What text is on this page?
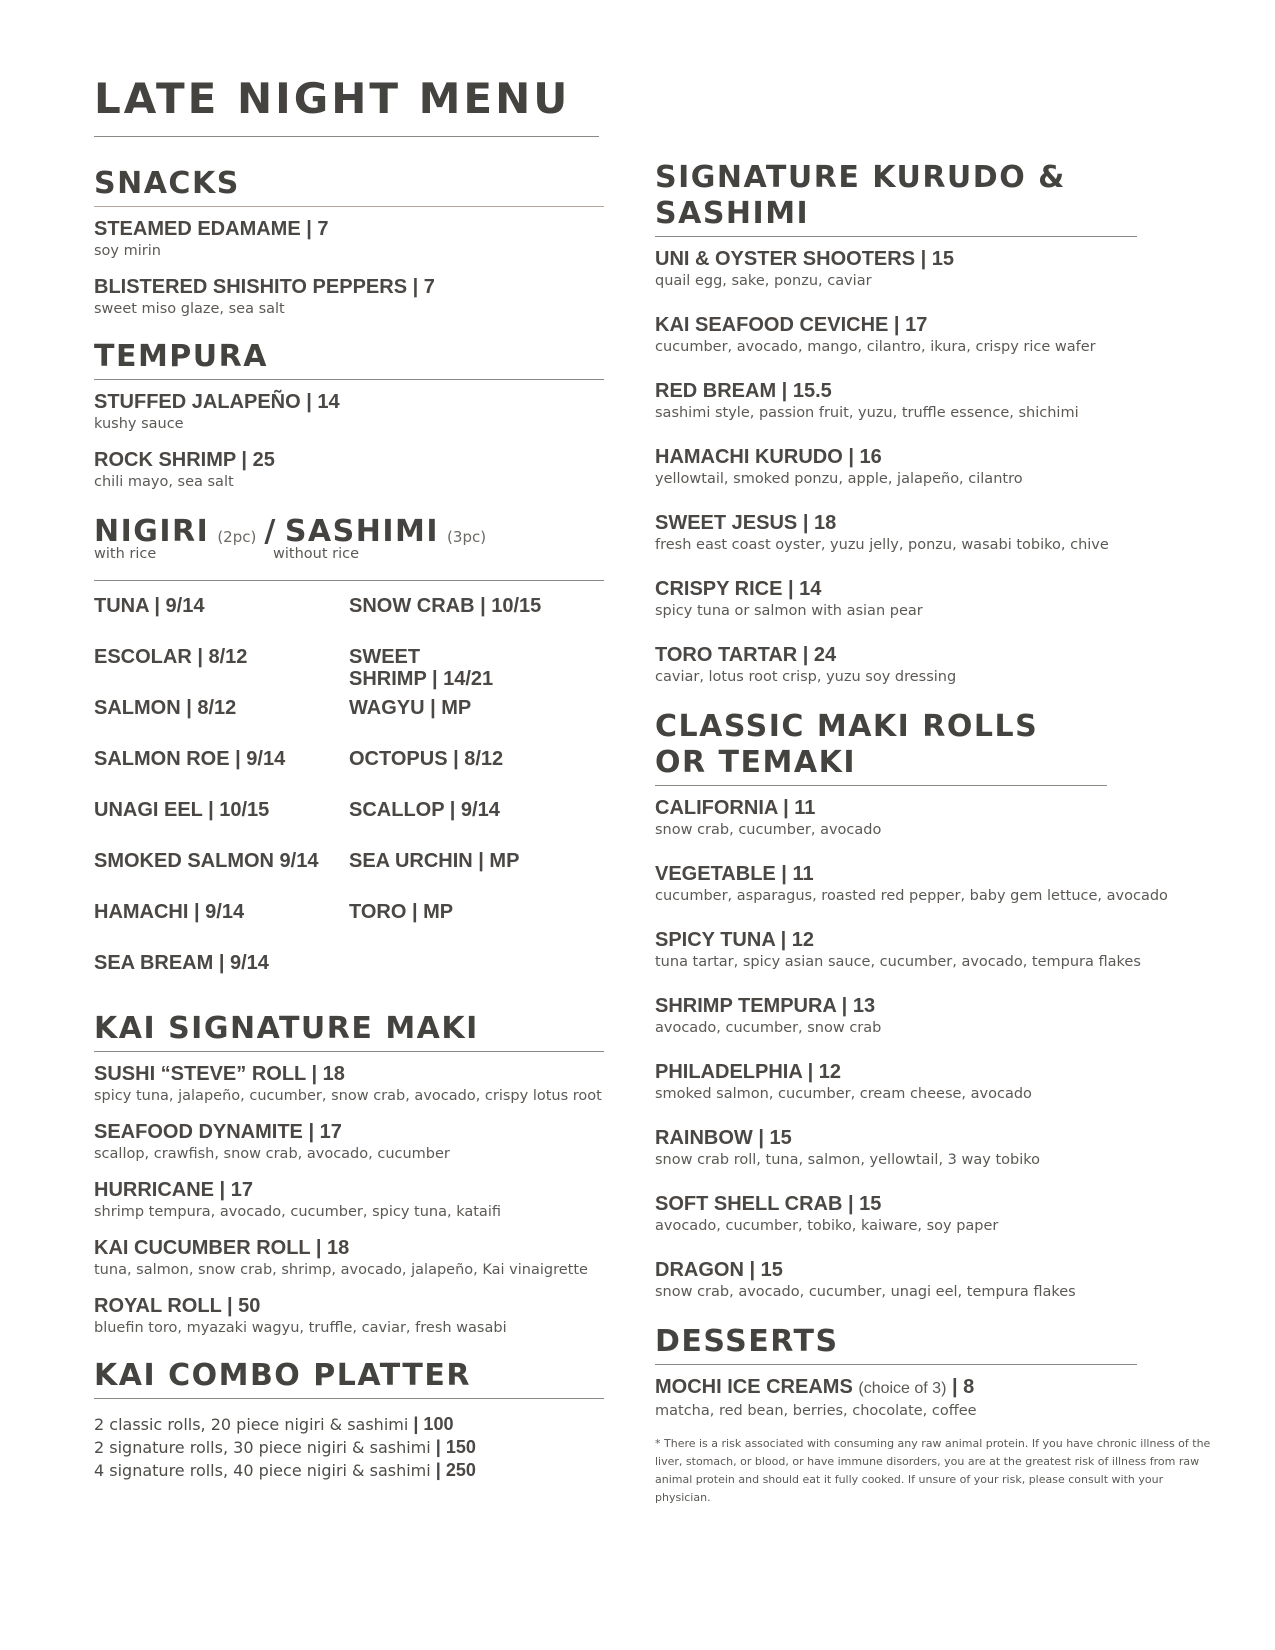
LATE NIGHT MENU
SNACKS
STEAMED EDAMAME | 7
soy mirin
BLISTERED SHISHITO PEPPERS | 7
sweet miso glaze, sea salt
TEMPURA
STUFFED JALAPEÑO | 14
kushy sauce
ROCK SHRIMP | 25
chili mayo, sea salt
NIGIRI (2pc) / SASHIMI (3pc)
with rice	without rice
TUNA | 9/14
ESCOLAR | 8/12
SALMON | 8/12
SALMON ROE | 9/14
UNAGI EEL | 10/15
SMOKED SALMON 9/14
HAMACHI | 9/14
SEA BREAM | 9/14
SNOW CRAB | 10/15
SWEET
SHRIMP | 14/21
WAGYU | MP
OCTOPUS | 8/12
SCALLOP | 9/14
SEA URCHIN | MP
TORO | MP
KAI SIGNATURE MAKI
SUSHI “STEVE” ROLL | 18
spicy tuna, jalapeño, cucumber, snow crab, avocado, crispy lotus root
SEAFOOD DYNAMITE | 17
scallop, crawfish, snow crab, avocado, cucumber
HURRICANE | 17
shrimp tempura, avocado, cucumber, spicy tuna, kataifi
KAI CUCUMBER ROLL | 18
tuna, salmon, snow crab, shrimp, avocado, jalapeño, Kai vinaigrette
ROYAL ROLL | 50
bluefin toro, myazaki wagyu, truffle, caviar, fresh wasabi
KAI COMBO PLATTER
2 classic rolls, 20 piece nigiri & sashimi | 100
2 signature rolls, 30 piece nigiri & sashimi | 150
4 signature rolls, 40 piece nigiri & sashimi | 250
SIGNATURE KURUDO & SASHIMI
UNI & OYSTER SHOOTERS | 15
quail egg, sake, ponzu, caviar
KAI SEAFOOD CEVICHE | 17
cucumber, avocado, mango, cilantro, ikura, crispy rice wafer
RED BREAM | 15.5
sashimi style, passion fruit, yuzu, truffle essence, shichimi
HAMACHI KURUDO | 16
yellowtail, smoked ponzu, apple, jalapeño, cilantro
SWEET JESUS | 18
fresh east coast oyster, yuzu jelly, ponzu, wasabi tobiko, chive
CRISPY RICE | 14
spicy tuna or salmon with asian pear
TORO TARTAR | 24
caviar, lotus root crisp, yuzu soy dressing
CLASSIC MAKI ROLLS
OR TEMAKI
CALIFORNIA | 11
snow crab, cucumber, avocado
VEGETABLE | 11
cucumber, asparagus, roasted red pepper, baby gem lettuce, avocado
SPICY TUNA | 12
tuna tartar, spicy asian sauce, cucumber, avocado, tempura flakes
SHRIMP TEMPURA | 13
avocado, cucumber, snow crab
PHILADELPHIA | 12
smoked salmon, cucumber, cream cheese, avocado
RAINBOW | 15
snow crab roll, tuna, salmon, yellowtail, 3 way tobiko
SOFT SHELL CRAB | 15
avocado, cucumber, tobiko, kaiware, soy paper
DRAGON | 15
snow crab, avocado, cucumber, unagi eel, tempura flakes
DESSERTS
MOCHI ICE CREAMS (choice of 3) | 8
matcha, red bean, berries, chocolate, coffee
* There is a risk associated with consuming any raw animal protein. If you have chronic illness of the liver, stomach, or blood, or have immune disorders, you are at the greatest risk of illness from raw animal protein and should eat it fully cooked. If unsure of your risk, please consult with your physician.
